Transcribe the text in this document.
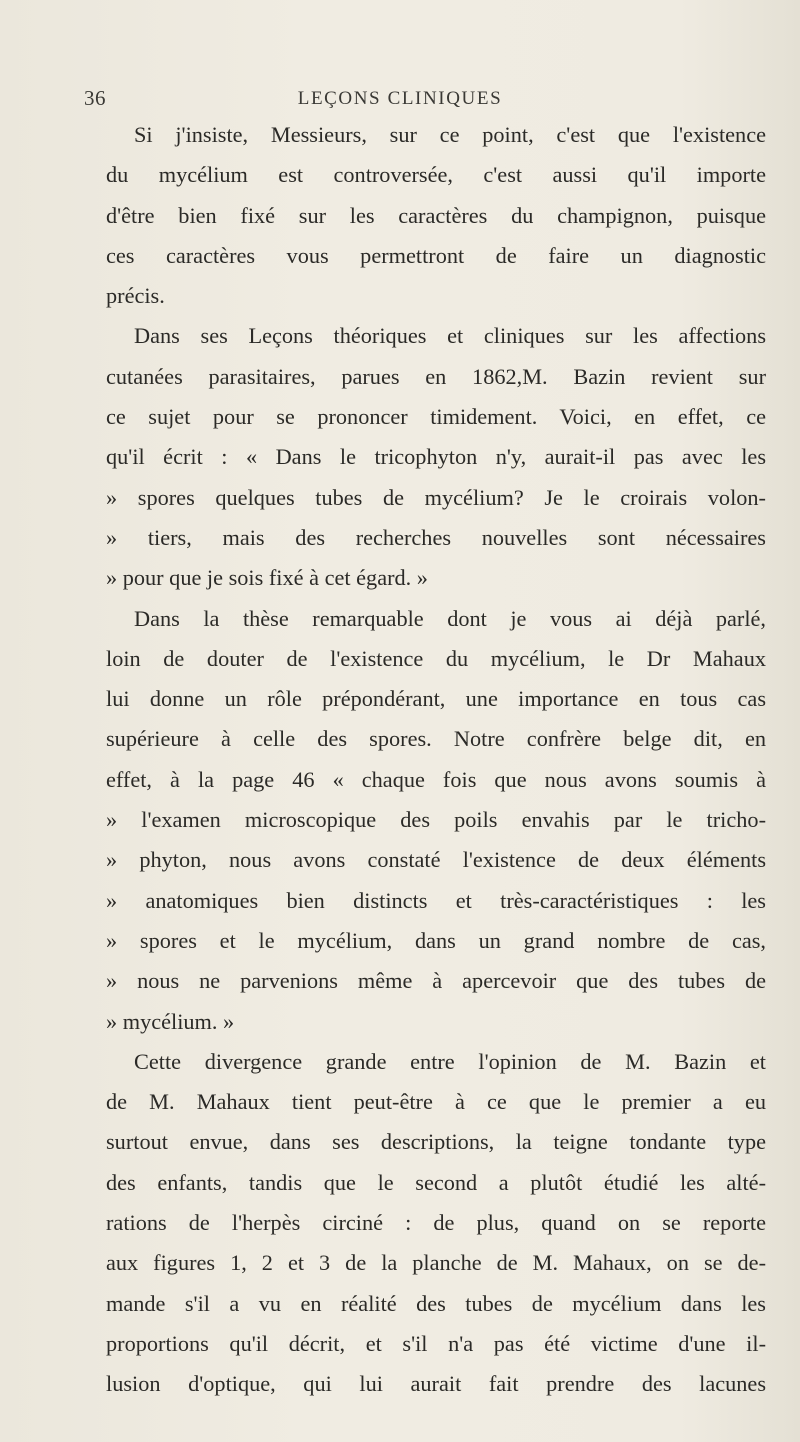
36	LEÇONS CLINIQUES
Si j'insiste, Messieurs, sur ce point, c'est que l'existence
du mycélium est controversée, c'est aussi qu'il importe
d'être bien fixé sur les caractères du champignon, puisque
ces caractères vous permettront de faire un diagnostic
précis.
Dans ses Leçons théoriques et cliniques sur les affections
cutanées parasitaires, parues en 1862,M. Bazin revient sur
ce sujet pour se prononcer timidement. Voici, en effet, ce
qu'il écrit : « Dans le tricophyton n'y, aurait-il pas avec les
» spores quelques tubes de mycélium? Je le croirais volon-
» tiers, mais des recherches nouvelles sont nécessaires
» pour que je sois fixé à cet égard. »
Dans la thèse remarquable dont je vous ai déjà parlé,
loin de douter de l'existence du mycélium, le Dr Mahaux
lui donne un rôle prépondérant, une importance en tous cas
supérieure à celle des spores. Notre confrère belge dit, en
effet, à la page 46 « chaque fois que nous avons soumis à
» l'examen microscopique des poils envahis par le tricho-
» phyton, nous avons constaté l'existence de deux éléments
» anatomiques bien distincts et très-caractéristiques : les
» spores et le mycélium, dans un grand nombre de cas,
» nous ne parvenions même à apercevoir que des tubes de
» mycélium. »
Cette divergence grande entre l'opinion de M. Bazin et
de M. Mahaux tient peut-être à ce que le premier a eu
surtout envue, dans ses descriptions, la teigne tondante type
des enfants, tandis que le second a plutôt étudié les alté-
rations de l'herpès circiné : de plus, quand on se reporte
aux figures 1, 2 et 3 de la planche de M. Mahaux, on se de-
mande s'il a vu en réalité des tubes de mycélium dans les
proportions qu'il décrit, et s'il n'a pas été victime d'une il-
lusion d'optique, qui lui aurait fait prendre des lacunes
